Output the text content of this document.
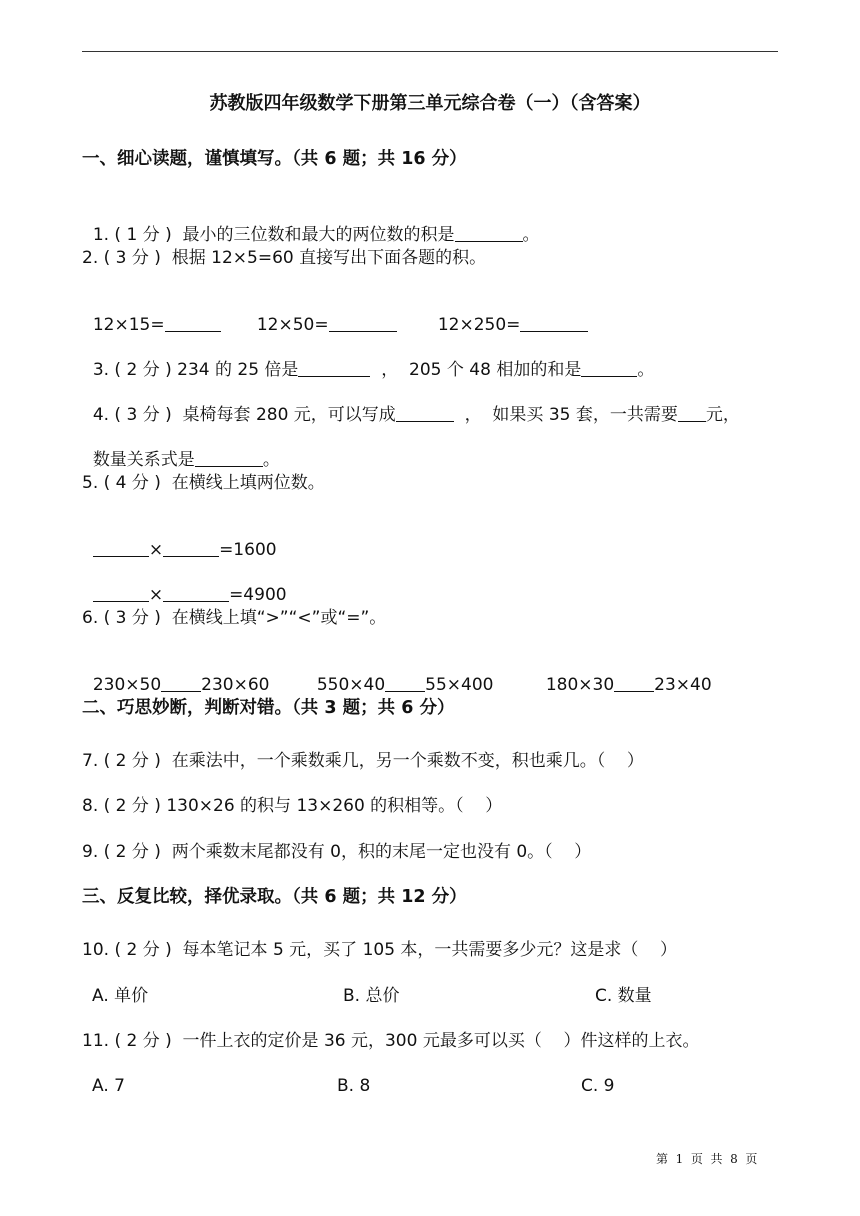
苏教版四年级数学下册第三单元综合卷（一）（含答案）
一、细心读题，谨慎填写。（共 6 题；共 16 分）

1. ( 1 分 )  最小的三位数和最大的两位数的积是	。

2. ( 3 分 )  根据 12×5=60 直接写出下面各题的积。

12×15=	12×50=	12×250=

3. ( 2 分 ) 234 的 25 倍是	，  205 个 48 相加的和是	。

4. ( 3 分 )  桌椅每套 280 元，可以写成	，  如果买 35 套，一共需要 元，

数量关系式是	。

5. ( 4 分 )  在横线上填两位数。

×	=1600

×	=4900

6. ( 3 分 )  在横线上填“>”“<”或“=”。

230×50 230×60	550×40 55×400	180×30 23×40

二、巧思妙断，判断对错。（共 3 题；共 6 分）
7. ( 2 分 )  在乘法中，一个乘数乘几，另一个乘数不变，积也乘几。（    ）
8. ( 2 分 ) 130×26 的积与 13×260 的积相等。（    ）
9. ( 2 分 )  两个乘数末尾都没有 0，积的末尾一定也没有 0。（    ）
三、反复比较，择优录取。（共 6 题；共 12 分）
10. ( 2 分 )  每本笔记本 5 元，买了 105 本，一共需要多少元？这是求（    ）
A. 单价	B. 总价	C. 数量
11. ( 2 分 )  一件上衣的定价是 36 元，300 元最多可以买（    ）件这样的上衣。
A. 7	B. 8	C. 9
第  1  页  共  8  页
